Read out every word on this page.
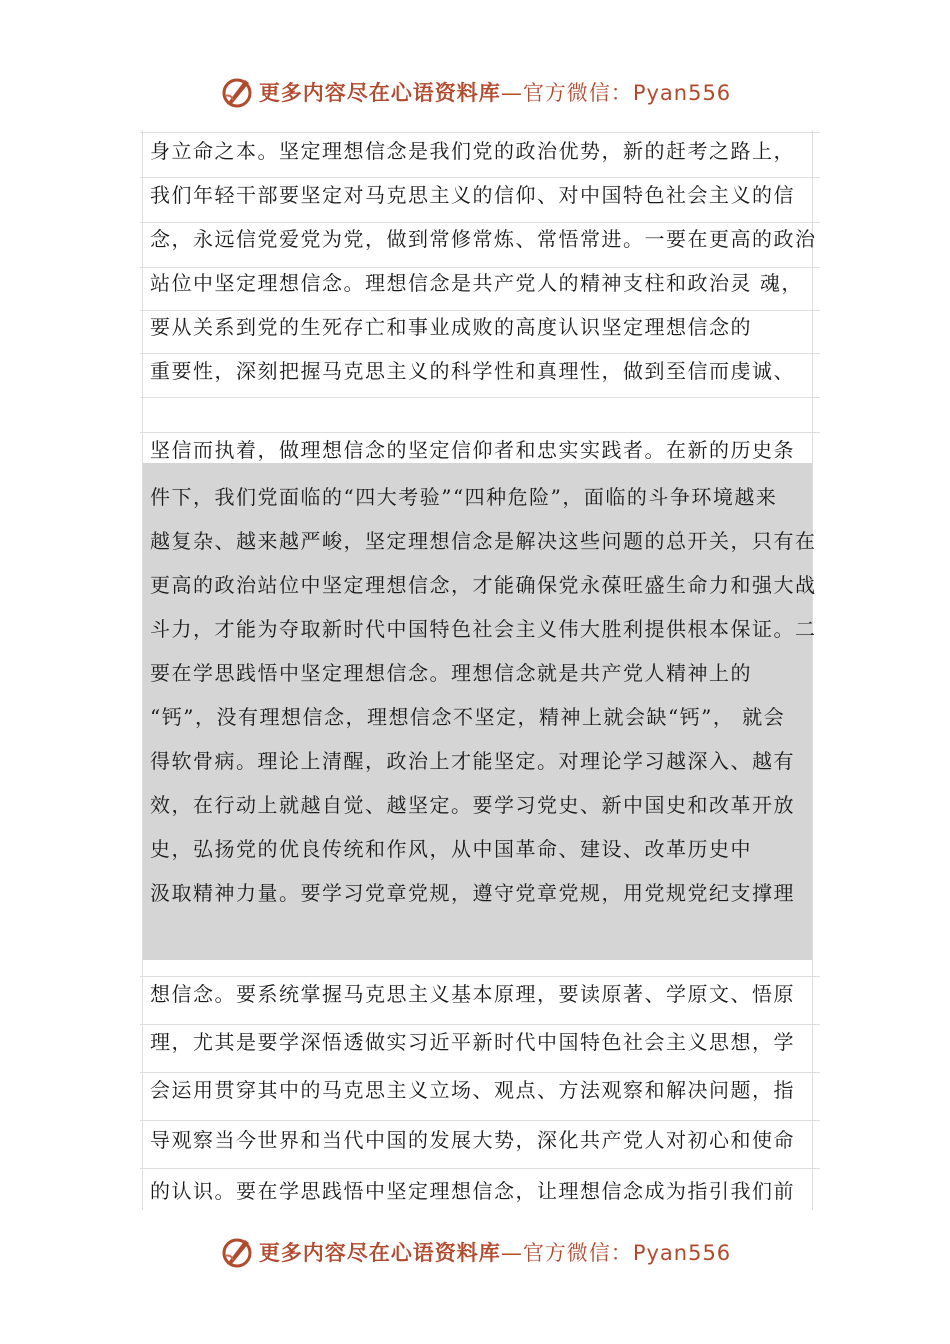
更多内容尽在心语资料库—官方微信：Pyan556
身立命之本。坚定理想信念是我们党的政治优势，新的赶考之路上，
我们年轻干部要坚定对马克思主义的信仰、对中国特色社会主义的信
念，永远信党爱党为党，做到常修常炼、常悟常进。一要在更高的政治
站位中坚定理想信念。理想信念是共产党人的精神支柱和政治灵 魂，
要从关系到党的生死存亡和事业成败的高度认识坚定理想信念的
重要性，深刻把握马克思主义的科学性和真理性，做到至信而虔诚、
坚信而执着，做理想信念的坚定信仰者和忠实实践者。在新的历史条
件下，我们党面临的“四大考验”“四种危险”，面临的斗争环境越来
越复杂、越来越严峻，坚定理想信念是解决这些问题的总开关，只有在
更高的政治站位中坚定理想信念，才能确保党永葆旺盛生命力和强大战
斗力，才能为夺取新时代中国特色社会主义伟大胜利提供根本保证。二
要在学思践悟中坚定理想信念。理想信念就是共产党人精神上的
“钙”，没有理想信念，理想信念不坚定，精神上就会缺“钙”， 就会
得软骨病。理论上清醒，政治上才能坚定。对理论学习越深入、越有
效，在行动上就越自觉、越坚定。要学习党史、新中国史和改革开放
史，弘扬党的优良传统和作风，从中国革命、建设、改革历史中
汲取精神力量。要学习党章党规，遵守党章党规，用党规党纪支撑理
想信念。要系统掌握马克思主义基本原理，要读原著、学原文、悟原
理，尤其是要学深悟透做实习近平新时代中国特色社会主义思想，学
会运用贯穿其中的马克思主义立场、观点、方法观察和解决问题，指
导观察当今世界和当代中国的发展大势，深化共产党人对初心和使命
的认识。要在学思践悟中坚定理想信念，让理想信念成为指引我们前
更多内容尽在心语资料库—官方微信：Pyan556
